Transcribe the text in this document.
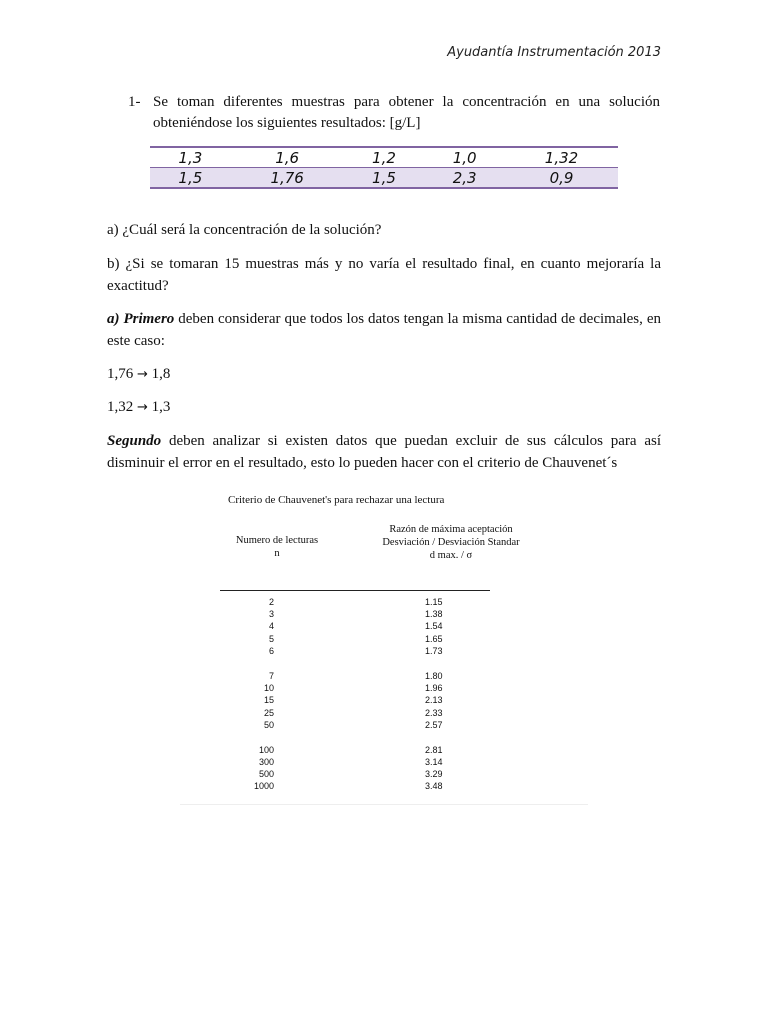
Ayudantía Instrumentación 2013
1- Se toman diferentes muestras para obtener la concentración en una solución obteniéndose los siguientes resultados: [g/L]
1,3	1,6	1,2	1,0	1,32
1,5	1,76	1,5	2,3	0,9
a) ¿Cuál será la concentración de la solución?
b) ¿Si se tomaran 15 muestras más y no varía el resultado final, en cuanto mejoraría la exactitud?
a) Primero deben considerar que todos los datos tengan la misma cantidad de decimales, en este caso:
1,76 → 1,8
1,32 → 1,3
Segundo deben analizar si existen datos que puedan excluir de sus cálculos para así disminuir el error en el resultado, esto lo pueden hacer con el criterio de Chauvenet´s
Criterio de Chauvenet's para rechazar una lectura
Numero de lecturas
n
Razón de máxima aceptación
Desviación / Desviación Standar
d max. / σ
2	1.15
3	1.38
4	1.54
5	1.65
6	1.73
7	1.80
10	1.96
15	2.13
25	2.33
50	2.57
100	2.81
300	3.14
500	3.29
1000	3.48
